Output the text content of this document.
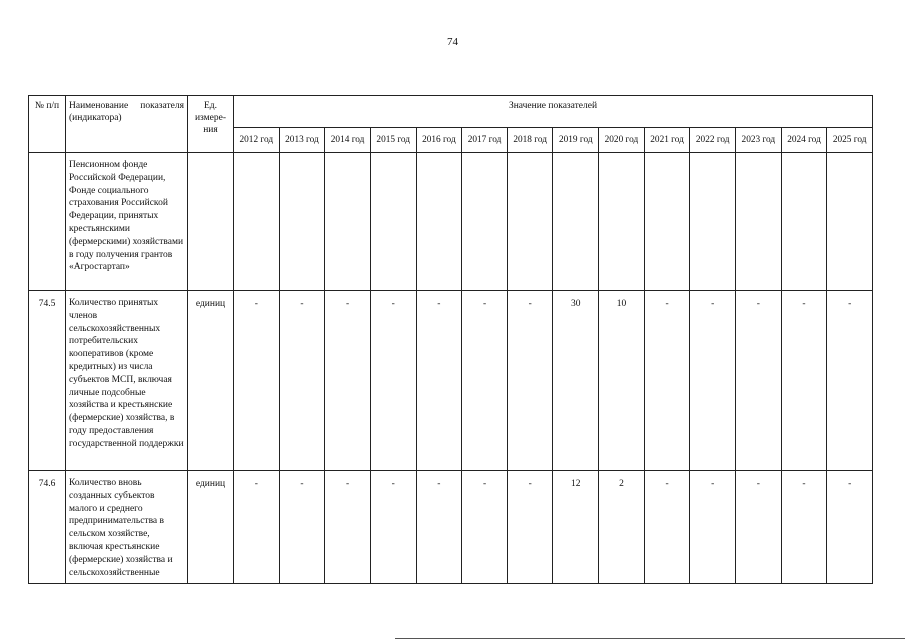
74
№ п/п	Наименование показателя (индикатора)	Ед. измере-ния	Значение показателей													
			2012 год	2013 год	2014 год	2015 год	2016 год	2017 год	2018 год	2019 год	2020 год	2021 год	2022 год	2023 год	2024 год	2025 год
	Пенсионном фонде Российской Федерации, Фонде социального страхования Российской Федерации, принятых крестьянскими (фермерскими) хозяйствами в году получения грантов «Агростартап»															
74.5	Количество принятых членов сельскохозяйственных потребительских кооперативов (кроме кредитных) из числа субъектов МСП, включая личные подсобные хозяйства и крестьянские (фермерские) хозяйства, в году предоставления государственной поддержки	единиц	-	-	-	-	-	-	-	30	10	-	-	-	-	-
74.6	Количество вновь созданных субъектов малого и среднего предпринимательства в сельском хозяйстве, включая крестьянские (фермерские) хозяйства и сельскохозяйственные	единиц	-	-	-	-	-	-	-	12	2	-	-	-	-	-
